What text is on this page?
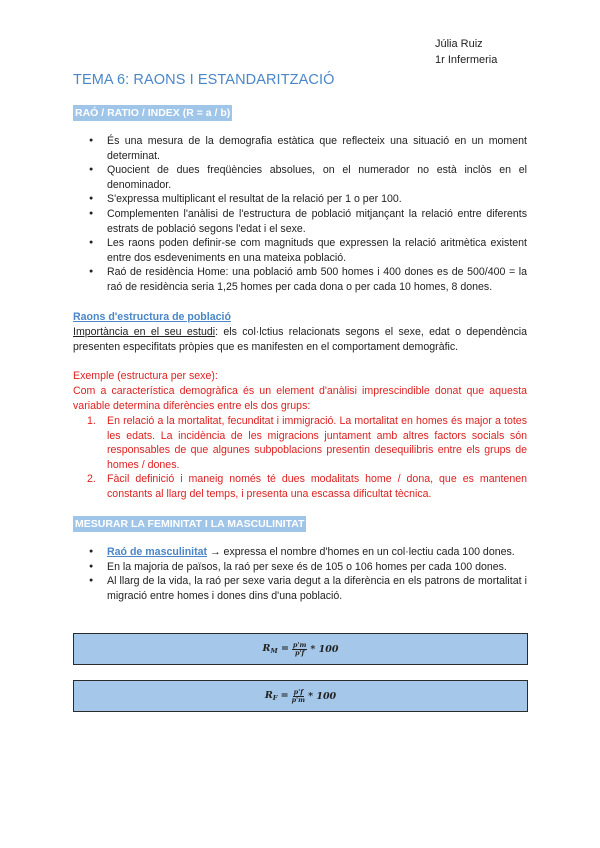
Júlia Ruiz
1r Infermeria
TEMA 6: RAONS I ESTANDARITZACIÓ
RAÓ / RATIO / INDEX (R = a / b)
● És una mesura de la demografia estàtica que reflecteix una situació en un moment determinat.
● Quocient de dues freqüències absolues, on el numerador no està inclòs en el denominador.
● S'expressa multiplicant el resultat de la relació per 1 o per 100.
● Complementen l'anàlisi de l'estructura de població mitjançant la relació entre diferents estrats de població segons l'edat i el sexe.
● Les raons poden definir-se com magnituds que expressen la relació aritmètica existent entre dos esdeveniments en una mateixa població.
● Raó de residència Home: una població amb 500 homes i 400 dones es de 500/400 = la raó de residència seria 1,25 homes per cada dona o per cada 10 homes, 8 dones.
Raons d'estructura de població
Importància en el seu estudi: els col·lctius relacionats segons el sexe, edat o dependència presenten especifitats pròpies que es manifesten en el comportament demogràfic.
Exemple (estructura per sexe):
Com a característica demogràfica és un element d'anàlisi imprescindible donat que aquesta variable determina diferències entre els dos grups:
1. En relació a la mortalitat, fecunditat i immigració. La mortalitat en homes és major a totes les edats. La incidència de les migracions juntament amb altres factors socials són responsables de que algunes subpoblacions presentin desequilibris entre els grups de homes / dones.
2. Fàcil definició i maneig només té dues modalitats home / dona, que es mantenen constants al llarg del temps, i presenta una escassa dificultat tècnica.
MESURAR LA FEMINITAT I LA MASCULINITAT
● Raó de masculinitat → expressa el nombre d'homes en un col·lectiu cada 100 dones.
● En la majoria de països, la raó per sexe és de 105 o 106 homes per cada 100 dones.
● Al llarg de la vida, la raó per sexe varia degut a la diferència en els patrons de mortalitat i migració entre homes i dones dins d'una població.
$R_M = \frac{p'm}{p'f} * 100$
$R_F = \frac{p'f}{p'm} * 100$
